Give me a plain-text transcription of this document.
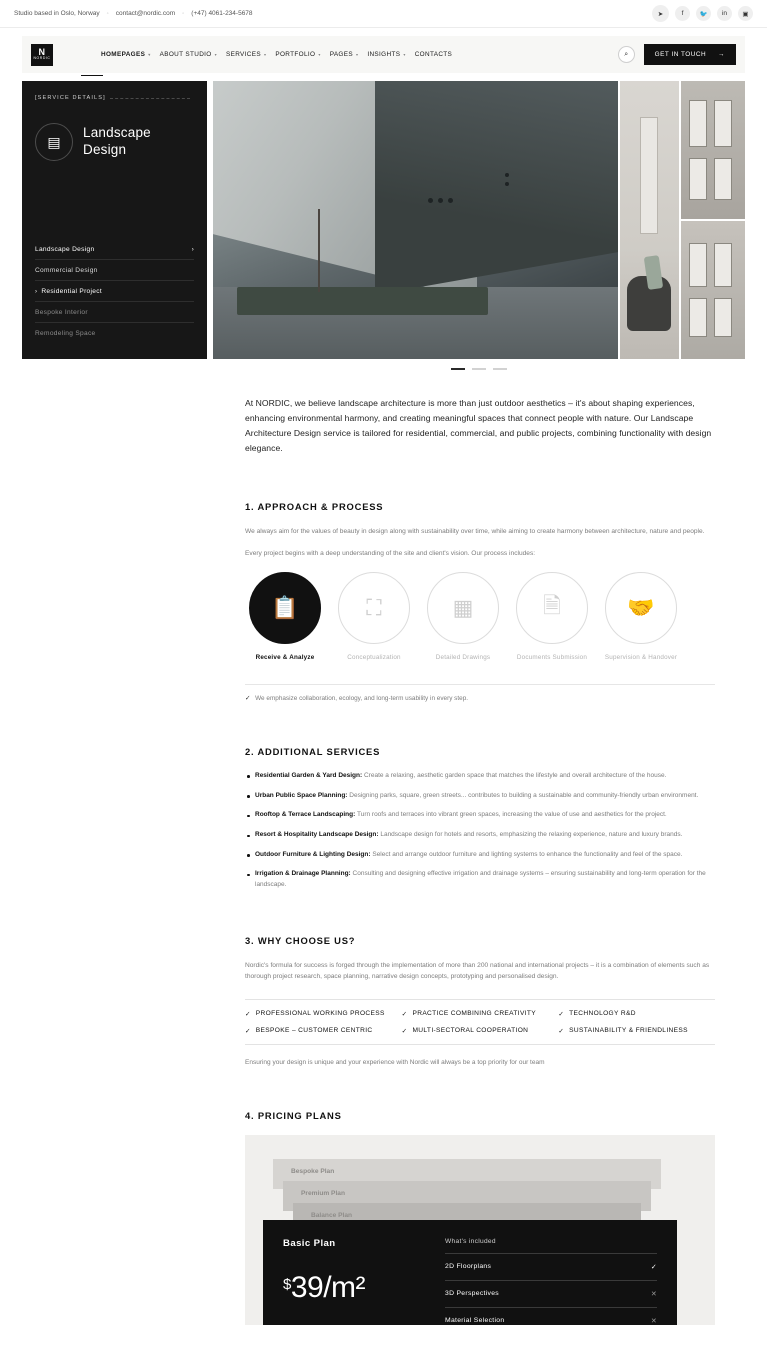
Studio based in Oslo, Norway ◦ contact@nordic.com ◦ (+47) 4061-234-5678	➤	f	🐦	in	▣
N
NORDIC
HOMEPAGES ▾ ABOUT STUDIO ▾ SERVICES ▾ PORTFOLIO ▾ PAGES ▾ INSIGHTS ▾ CONTACTS	⌕	GET IN TOUCH →
[SERVICE DETAILS]
▤
Landscape
Design
Landscape Design	›
Commercial Design
› Residential Project
Bespoke Interior
Remodeling Space

At NORDIC, we believe landscape architecture is more than just outdoor aesthetics – it's about shaping experiences, enhancing environmental harmony, and creating meaningful spaces that connect people with nature. Our Landscape Architecture Design service is tailored for residential, commercial, and public projects, combining functionality with design elegance.

1. APPROACH & PROCESS

We always aim for the values of beauty in design along with sustainability over time, while aiming to create harmony between architecture, nature and people.

Every project begins with a deep understanding of the site and client's vision. Our process includes:

📋
Receive & Analyze
⛶
Conceptualization
▦
Detailed Drawings
🗎
Documents Submission
🤝
Supervision & Handover
✓ We emphasize collaboration, ecology, and long-term usability in every step.
2. ADDITIONAL SERVICES
Residential Garden & Yard Design: Create a relaxing, aesthetic garden space that matches the lifestyle and overall architecture of the house.
Urban Public Space Planning: Designing parks, square, green streets... contributes to building a sustainable and community-friendly urban environment.
Rooftop & Terrace Landscaping: Turn roofs and terraces into vibrant green spaces, increasing the value of use and aesthetics for the project.
Resort & Hospitality Landscape Design: Landscape design for hotels and resorts, emphasizing the relaxing experience, nature and luxury brands.
Outdoor Furniture & Lighting Design: Select and arrange outdoor furniture and lighting systems to enhance the functionality and feel of the space.
Irrigation & Drainage Planning: Consulting and designing effective irrigation and drainage systems – ensuring sustainability and long-term operation for the landscape.
3. WHY CHOOSE US?

Nordic's formula for success is forged through the implementation of more than 200 national and international projects – it is a combination of elements such as thorough project research, space planning, narrative design concepts, prototyping and personalised design.

✓ PROFESSIONAL WORKING PROCESS	✓ PRACTICE COMBINING CREATIVITY	✓ TECHNOLOGY R&D
✓ BESPOKE – CUSTOMER CENTRIC	✓ MULTI-SECTORAL COOPERATION	✓ SUSTAINABILITY & FRIENDLINESS

Ensuring your design is unique and your experience with Nordic will always be a top priority for our team

4. PRICING PLANS
Bespoke Plan
Premium Plan
Balance Plan
Basic Plan
$ 39 /m²
What's included
2D Floorplans	✓
3D Perspectives	✕
Material Selection	✕
